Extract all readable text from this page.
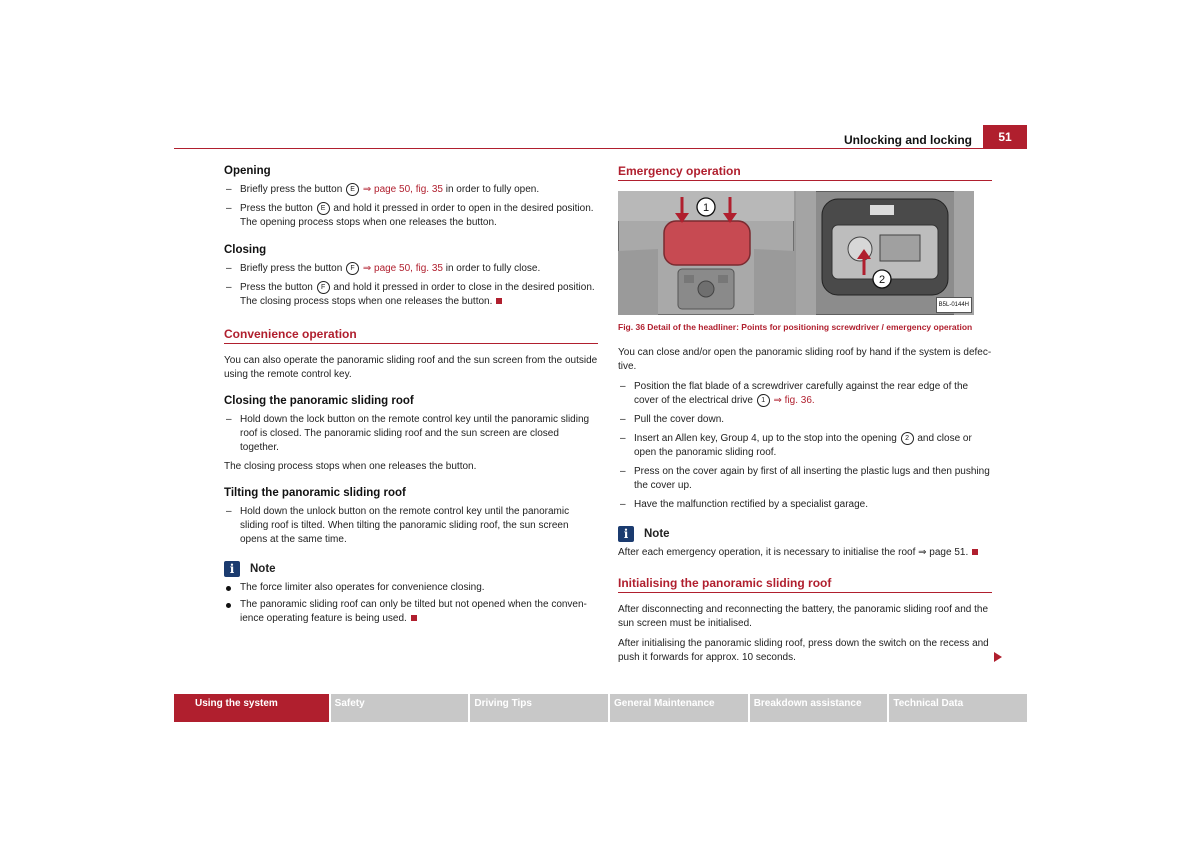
Unlocking and locking	51
Opening
– Briefly press the button E ⇒ page 50, fig. 35 in order to fully open.
– Press the button E and hold it pressed in order to open in the desired position. The opening process stops when one releases the button.
Closing
– Briefly press the button F ⇒ page 50, fig. 35 in order to fully close.
– Press the button F and hold it pressed in order to close in the desired position. The closing process stops when one releases the button.
Convenience operation
You can also operate the panoramic sliding roof and the sun screen from the outside using the remote control key.
Closing the panoramic sliding roof
– Hold down the lock button on the remote control key until the panoramic sliding roof is closed. The panoramic sliding roof and the sun screen are closed together.
The closing process stops when one releases the button.
Tilting the panoramic sliding roof
– Hold down the unlock button on the remote control key until the panoramic sliding roof is tilted. When tilting the panoramic sliding roof, the sun screen opens at the same time.
i	Note
The force limiter also operates for convenience closing.
The panoramic sliding roof can only be tilted but not opened when the conven-ience operating feature is being used.
Emergency operation
1
2
B5L-0144H
Fig. 36 Detail of the headliner: Points for positioning screwdriver / emergency operation
You can close and/or open the panoramic sliding roof by hand if the system is defec-tive.
– Position the flat blade of a screwdriver carefully against the rear edge of the cover of the electrical drive 1 ⇒ fig. 36.
– Pull the cover down.
– Insert an Allen key, Group 4, up to the stop into the opening 2 and close or open the panoramic sliding roof.
– Press on the cover again by first of all inserting the plastic lugs and then pushing the cover up.
– Have the malfunction rectified by a specialist garage.
i	Note
After each emergency operation, it is necessary to initialise the roof ⇒ page 51.
Initialising the panoramic sliding roof
After disconnecting and reconnecting the battery, the panoramic sliding roof and the sun screen must be initialised.
After initialising the panoramic sliding roof, press down the switch on the recess and push it forwards for approx. 10 seconds.
Using the system	Safety	Driving Tips	General Maintenance	Breakdown assistance	Technical Data
